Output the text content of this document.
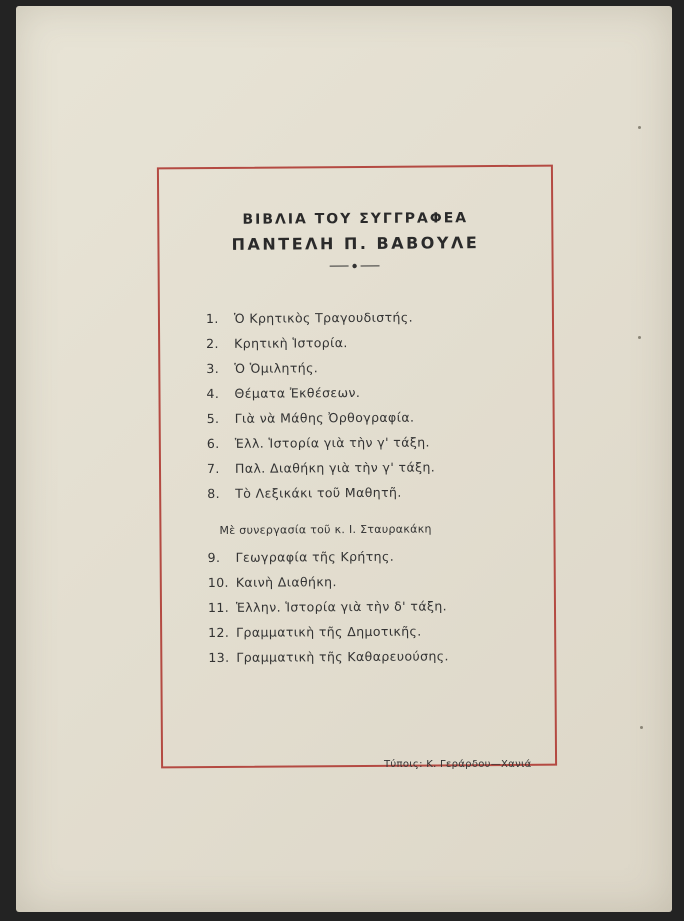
ΒΙΒΛΙΑ ΤΟΥ ΣΥΓΓΡΑΦΕΑ
ΠΑΝΤΕΛΗ Π. ΒΑΒΟΥΛΕ
1. Ὁ Κρητικὸς Τραγουδιστής.
2. Κρητικὴ Ἱστορία.
3. Ὁ Ὁμιλητής.
4. Θέματα Ἐκθέσεων.
5. Γιὰ νὰ Μάθης Ὀρθογραφία.
6. Ἑλλ. Ἱστορία γιὰ τὴν γ' τάξη.
7. Παλ. Διαθήκη γιὰ τὴν γ' τάξη.
8. Τὸ Λεξικάκι τοῦ Μαθητῆ.
Μὲ συνεργασία τοῦ κ. Ι. Σταυρακάκη
9. Γεωγραφία τῆς Κρήτης.
10. Καινὴ Διαθήκη.
11. Ἑλλην. Ἱστορία γιὰ τὴν δ' τάξη.
12. Γραμματικὴ τῆς Δημοτικῆς.
13. Γραμματικὴ τῆς Καθαρευούσης.
Τύποις: Κ. Γεράρδου—Χανιά
